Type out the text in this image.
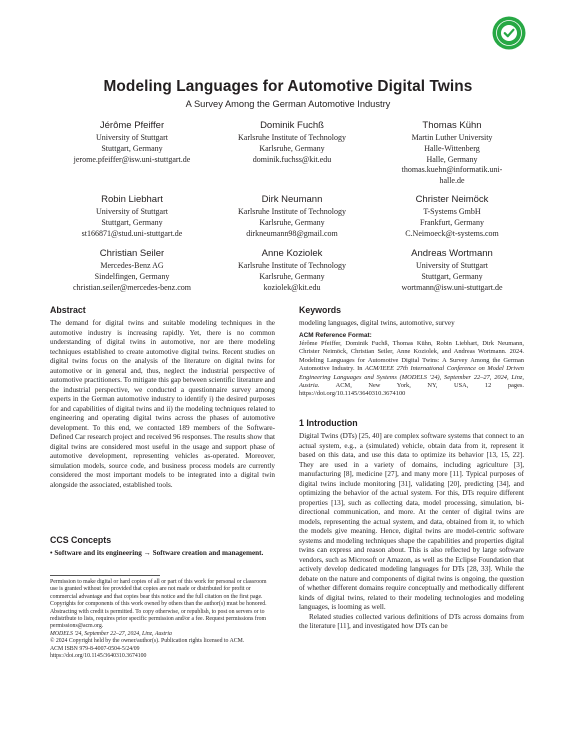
Modeling Languages for Automotive Digital Twins
A Survey Among the German Automotive Industry
Jérôme Pfeiffer
University of Stuttgart
Stuttgart, Germany
jerome.pfeiffer@isw.uni-stuttgart.de
Dominik Fuchß
Karlsruhe Institute of Technology
Karlsruhe, Germany
dominik.fuchss@kit.edu
Thomas Kühn
Martin Luther University
Halle-Wittenberg
Halle, Germany
thomas.kuehn@informatik.uni-
halle.de
Robin Liebhart
University of Stuttgart
Stuttgart, Germany
st166871@stud.uni-stuttgart.de
Dirk Neumann
Karlsruhe Institute of Technology
Karlsruhe, Germany
dirkneumann98@gmail.com
Christer Neimöck
T-Systems GmbH
Frankfurt, Germany
C.Neimoeck@t-systems.com
Christian Seiler
Mercedes-Benz AG
Sindelfingen, Germany
christian.seiler@mercedes-benz.com
Anne Koziolek
Karlsruhe Institute of Technology
Karlsruhe, Germany
koziolek@kit.edu
Andreas Wortmann
University of Stuttgart
Stuttgart, Germany
wortmann@isw.uni-stuttgart.de
Abstract

The demand for digital twins and suitable modeling techniques in the automotive industry is increasing rapidly. Yet, there is no common understanding of digital twins in automotive, nor are there modeling techniques established to create automotive digital twins. Recent studies on digital twins focus on the analysis of the literature on digital twins for automotive or in general and, thus, neglect the industrial perspective of automotive practitioners. To mitigate this gap between scientific literature and the industrial perspective, we conducted a questionnaire survey among experts in the German automotive industry to identify i) the desired purposes for and capabilities of digital twins and ii) the modeling techniques related to engineering and operating digital twins across the phases of automotive development. To this end, we contacted 189 members of the Software-Defined Car research project and received 96 responses. The results show that digital twins are considered most useful in the usage and support phase of automotive development, representing vehicles as-operated. Moreover, simulation models, source code, and business process models are currently considered the most important models to be integrated into a digital twin alongside the associated, established tools.

CCS Concepts

• Software and its engineering → Software creation and management.

Permission to make digital or hard copies of all or part of this work for personal or classroom use is granted without fee provided that copies are not made or distributed for profit or commercial advantage and that copies bear this notice and the full citation on the first page. Copyrights for components of this work owned by others than the author(s) must be honored. Abstracting with credit is permitted. To copy otherwise, or republish, to post on servers or to redistribute to lists, requires prior specific permission and/or a fee. Request permissions from permissions@acm.org.

MODELS '24, September 22–27, 2024, Linz, Austria

© 2024 Copyright held by the owner/author(s). Publication rights licensed to ACM.

ACM ISBN 979-8-4007-0504-5/24/09

https://doi.org/10.1145/3640310.3674100

Keywords

modeling languages, digital twins, automotive, survey

ACM Reference Format:

Jérôme Pfeiffer, Dominik Fuchß, Thomas Kühn, Robin Liebhart, Dirk Neumann, Christer Neimöck, Christian Seiler, Anne Koziolek, and Andreas Wortmann. 2024. Modeling Languages for Automotive Digital Twins: A Survey Among the German Automotive Industry. In ACM/IEEE 27th International Conference on Model Driven Engineering Languages and Systems (MODELS '24), September 22–27, 2024, Linz, Austria. ACM, New York, NY, USA, 12 pages. https://doi.org/10.1145/3640310.3674100

1 Introduction

Digital Twins (DTs) [25, 40] are complex software systems that connect to an actual system, e.g., a (simulated) vehicle, obtain data from it, represent it based on this data, and use this data to optimize its behavior [13, 15, 22]. They are used in a variety of domains, including agriculture [3], manufacturing [8], medicine [27], and many more [11]. Typical purposes of digital twins include monitoring [31], validating [20], predicting [34], and optimizing the behavior of the actual system. For this, DTs require different properties [13], such as collecting data, model processing, simulation, bi-directional communication, and more. At the center of digital twins are models, representing the actual system, and data, obtained from it, to which the models give meaning. Hence, digital twins are model-centric software systems and modeling techniques shape the capabilities and properties digital twins can express and reason about. This is also reflected by large software vendors, such as Microsoft or Amazon, as well as the Eclipse Foundation that actively develop dedicated modeling languages for DTs [28, 33]. While the debate on the nature and components of digital twins is ongoing, the question of whether different domains require conceptually and methodically different kinds of digital twins, related to their modeling technologies and modeling languages, is looming as well.

Related studies collected various definitions of DTs across domains from the literature [11], and investigated how DTs can be
